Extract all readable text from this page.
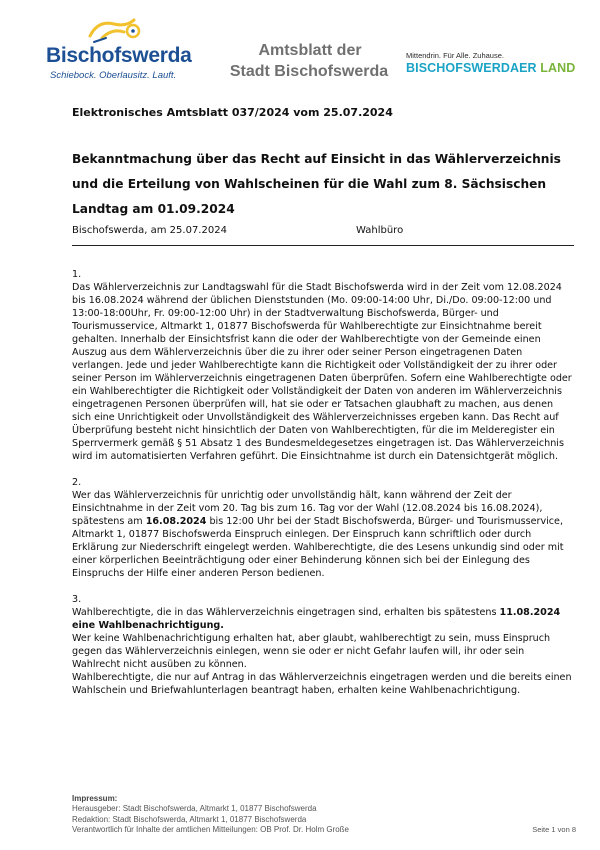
Bischofswerda
Schiebock. Oberlausitz. Lauft.
Amtsblatt der
Stadt Bischofswerda
Mittendrin. Für Alle. Zuhause.
BISCHOFSWERDAER LAND
Elektronisches Amtsblatt 037/2024 vom 25.07.2024
Bekanntmachung über das Recht auf Einsicht in das Wählerverzeichnis und die Erteilung von Wahlscheinen für die Wahl zum 8. Sächsischen Landtag am 01.09.2024
Bischofswerda, am 25.07.2024	Wahlbüro
1.
Das Wählerverzeichnis zur Landtagswahl für die Stadt Bischofswerda wird in der Zeit vom 12.08.2024 bis 16.08.2024 während der üblichen Dienststunden (Mo. 09:00-14:00 Uhr, Di./Do. 09:00-12:00 und 13:00-18:00Uhr, Fr. 09:00-12:00 Uhr) in der Stadtverwaltung Bischofswerda, Bürger- und Tourismusservice, Altmarkt 1, 01877 Bischofswerda für Wahlberechtigte zur Einsichtnahme bereit gehalten. Innerhalb der Einsichtsfrist kann die oder der Wahlberechtigte von der Gemeinde einen Auszug aus dem Wählerverzeichnis über die zu ihrer oder seiner Person eingetragenen Daten verlangen. Jede und jeder Wahlberechtigte kann die Richtigkeit oder Vollständigkeit der zu ihrer oder seiner Person im Wählerverzeichnis eingetragenen Daten überprüfen. Sofern eine Wahlberechtigte oder ein Wahlberechtigter die Richtigkeit oder Vollständigkeit der Daten von anderen im Wählerverzeichnis eingetragenen Personen überprüfen will, hat sie oder er Tatsachen glaubhaft zu machen, aus denen sich eine Unrichtigkeit oder Unvollständigkeit des Wählerverzeichnisses ergeben kann. Das Recht auf Überprüfung besteht nicht hinsichtlich der Daten von Wahlberechtigten, für die im Melderegister ein Sperrvermerk gemäß § 51 Absatz 1 des Bundesmeldegesetzes eingetragen ist. Das Wählerverzeichnis wird im automatisierten Verfahren geführt. Die Einsichtnahme ist durch ein Datensichtgerät möglich.
2.
Wer das Wählerverzeichnis für unrichtig oder unvollständig hält, kann während der Zeit der Einsichtnahme in der Zeit vom 20. Tag bis zum 16. Tag vor der Wahl (12.08.2024 bis 16.08.2024), spätestens am 16.08.2024 bis 12:00 Uhr bei der Stadt Bischofswerda, Bürger- und Tourismusservice, Altmarkt 1, 01877 Bischofswerda Einspruch einlegen. Der Einspruch kann schriftlich oder durch Erklärung zur Niederschrift eingelegt werden. Wahlberechtigte, die des Lesens unkundig sind oder mit einer körperlichen Beeinträchtigung oder einer Behinderung können sich bei der Einlegung des Einspruchs der Hilfe einer anderen Person bedienen.
3.
Wahlberechtigte, die in das Wählerverzeichnis eingetragen sind, erhalten bis spätestens 11.08.2024 eine Wahlbenachrichtigung.
Wer keine Wahlbenachrichtigung erhalten hat, aber glaubt, wahlberechtigt zu sein, muss Einspruch gegen das Wählerverzeichnis einlegen, wenn sie oder er nicht Gefahr laufen will, ihr oder sein Wahlrecht nicht ausüben zu können.
Wahlberechtigte, die nur auf Antrag in das Wählerverzeichnis eingetragen werden und die bereits einen Wahlschein und Briefwahlunterlagen beantragt haben, erhalten keine Wahlbenachrichtigung.
Impressum:
Herausgeber: Stadt Bischofswerda, Altmarkt 1, 01877 Bischofswerda
Redaktion: Stadt Bischofswerda, Altmarkt 1, 01877 Bischofswerda
Verantwortlich für Inhalte der amtlichen Mitteilungen: OB Prof. Dr. Holm Große	Seite 1 von 8
